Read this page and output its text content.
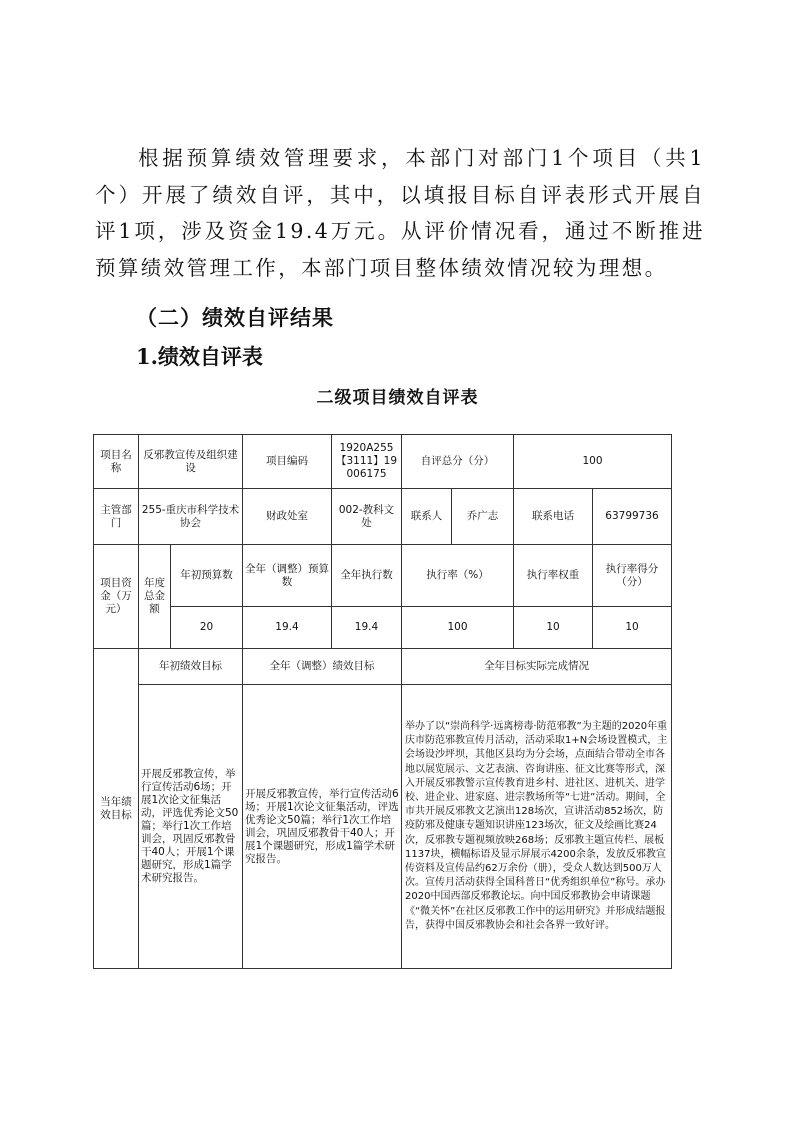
根据预算绩效管理要求，本部门对部门1个项目（共1个）开展了绩效自评，其中，以填报目标自评表形式开展自评1项，涉及资金19.4万元。从评价情况看，通过不断推进预算绩效管理工作，本部门项目整体绩效情况较为理想。

（二）绩效自评结果

1.绩效自评表

二级项目绩效自评表

项目名称	反邪教宣传及组织建设		项目编码	1920A255【3111】19006175	自评总分（分）		100	
主管部门	255-重庆市科学技术协会		财政处室	002-教科文处	联系人	乔广志	联系电话	63799736
项目资金（万元）	年度总金额	年初预算数	全年（调整）预算数	全年执行数	执行率（%）		执行率权重	执行率得分（分）
		20	19.4	19.4	100		10	10
当年绩效目标	年初绩效目标		全年（调整）绩效目标		全年目标实际完成情况			
	开展反邪教宣传，举行宣传活动6场；开展1次论文征集活动，评选优秀论文50篇；举行1次工作培训会，巩固反邪教骨干40人；开展1个课题研究，形成1篇学术研究报告。		开展反邪教宣传，举行宣传活动6场；开展1次论文征集活动，评选优秀论文50篇；举行1次工作培训会，巩固反邪教骨干40人；开展1个课题研究，形成1篇学术研究报告。		举办了以“崇尚科学·远离榜毒·防范邪教”为主题的2020年重庆市防范邪教宣传月活动，活动采取1+N会场设置模式，主会场设沙坪坝，其他区县均为分会场，点面结合带动全市各地以展览展示、文艺表演、咨询讲座、征文比赛等形式，深入开展反邪教警示宣传教育进乡村、进社区、进机关、进学校、进企业、进家庭、进宗教场所等“七进”活动。期间，全市共开展反邪教文艺演出128场次，宣讲活动852场次，防疫防邪及健康专题知识讲座123场次，征文及绘画比赛24次，反邪教专题视频放映268场；反邪教主题宣传栏、展板1137块，横幅标语及显示屏展示4200余条，发放反邪教宣传资料及宣传品约62万余份（册），受众人数达到500万人次。宣传月活动获得全国科普日“优秀组织单位”称号。承办2020中国西部反邪教论坛。向中国反邪教协会申请课题《“微关怀”在社区反邪教工作中的运用研究》并形成结题报告，获得中国反邪教协会和社会各界一致好评。			
